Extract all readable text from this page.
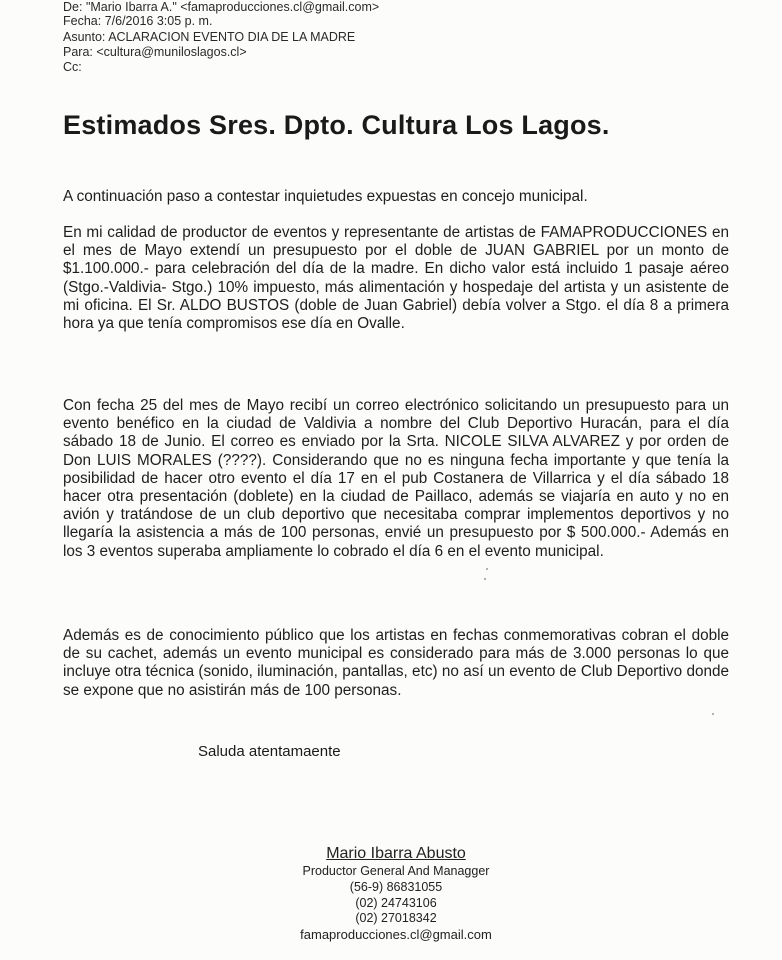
De: "Mario Ibarra A." <famaproducciones.cl@gmail.com>
Fecha: 7/6/2016 3:05 p. m.
Asunto: ACLARACION EVENTO DIA DE LA MADRE
Para: <cultura@muniloslagos.cl>
Cc:
Estimados Sres. Dpto. Cultura Los Lagos.
A continuación paso a contestar inquietudes expuestas en concejo municipal.
En mi calidad de productor de eventos y representante de artistas de FAMAPRODUCCIONES en el mes de Mayo extendí un presupuesto por el doble de JUAN GABRIEL por un monto de $1.100.000.- para celebración del día de la madre. En dicho valor está incluido 1 pasaje aéreo (Stgo.-Valdivia- Stgo.) 10% impuesto, más alimentación y hospedaje del artista y un asistente de mi oficina. El Sr. ALDO BUSTOS (doble de Juan Gabriel) debía volver a Stgo. el día 8 a primera hora ya que tenía compromisos ese día en Ovalle.
Con fecha 25 del mes de Mayo recibí un correo electrónico solicitando un presupuesto para un evento benéfico en la ciudad de Valdivia a nombre del Club Deportivo Huracán, para el día sábado 18 de Junio. El correo es enviado por la Srta. NICOLE SILVA ALVAREZ y por orden de Don LUIS MORALES (????). Considerando que no es ninguna fecha importante y que tenía la posibilidad de hacer otro evento el día 17 en el pub Costanera de Villarrica y el día sábado 18 hacer otra presentación (doblete) en la ciudad de Paillaco, además se viajaría en auto y no en avión y tratándose de un club deportivo que necesitaba comprar implementos deportivos y no llegaría la asistencia a más de 100 personas, envié un presupuesto por $ 500.000.- Además en los 3 eventos superaba ampliamente lo cobrado el día 6 en el evento municipal.
Además es de conocimiento público que los artistas en fechas conmemorativas cobran el doble de su cachet, además un evento municipal es considerado para más de 3.000 personas lo que incluye otra técnica (sonido, iluminación, pantallas, etc) no así un evento de Club Deportivo donde se expone que no asistirán más de 100 personas.
Saluda atentamaente
Mario Ibarra Abusto
Productor General And Managger
(56-9) 86831055
(02) 24743106
(02) 27018342
famaproducciones.cl@gmail.com
